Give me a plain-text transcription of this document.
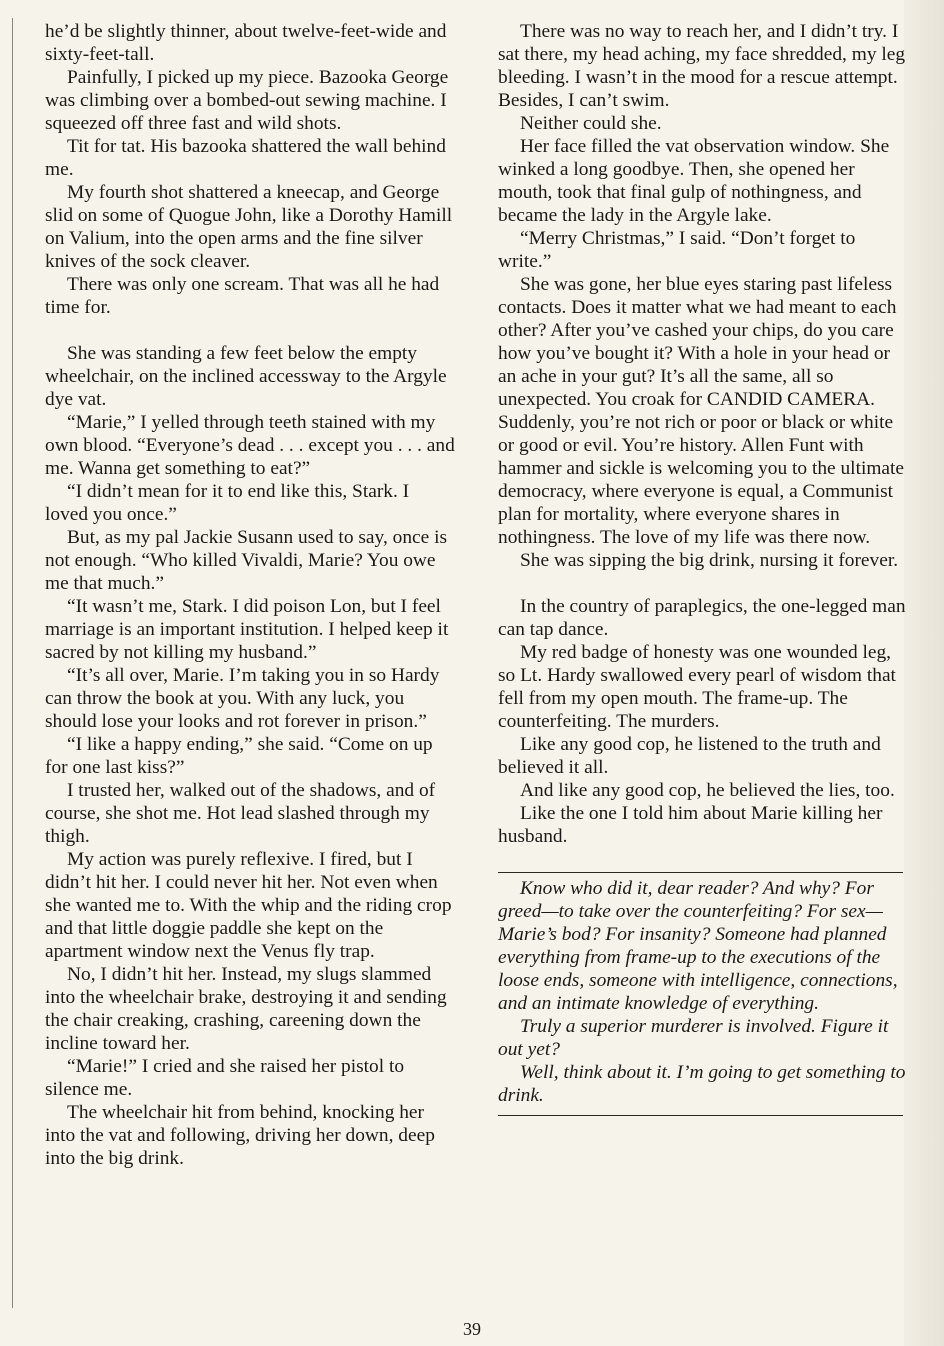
he’d be slightly thinner, about twelve-feet-wide and sixty-feet-tall.

Painfully, I picked up my piece. Bazooka George was climbing over a bombed-out sewing machine. I squeezed off three fast and wild shots.

Tit for tat. His bazooka shattered the wall behind me.

My fourth shot shattered a kneecap, and George slid on some of Quogue John, like a Dorothy Hamill on Valium, into the open arms and the fine silver knives of the sock cleaver.

There was only one scream. That was all he had time for.

She was standing a few feet below the empty wheelchair, on the inclined accessway to the Argyle dye vat.

“Marie,” I yelled through teeth stained with my own blood. “Everyone’s dead . . . except you . . . and me. Wanna get something to eat?”

“I didn’t mean for it to end like this, Stark. I loved you once.”

But, as my pal Jackie Susann used to say, once is not enough. “Who killed Vivaldi, Marie? You owe me that much.”

“It wasn’t me, Stark. I did poison Lon, but I feel marriage is an important institution. I helped keep it sacred by not killing my husband.”

“It’s all over, Marie. I’m taking you in so Hardy can throw the book at you. With any luck, you should lose your looks and rot forever in prison.”

“I like a happy ending,” she said. “Come on up for one last kiss?”

I trusted her, walked out of the shadows, and of course, she shot me. Hot lead slashed through my thigh.

My action was purely reflexive. I fired, but I didn’t hit her. I could never hit her. Not even when she wanted me to. With the whip and the riding crop and that little doggie paddle she kept on the apartment window next the Venus fly trap.

No, I didn’t hit her. Instead, my slugs slammed into the wheelchair brake, destroying it and sending the chair creaking, crashing, careening down the incline toward her.

“Marie!” I cried and she raised her pistol to silence me.

The wheelchair hit from behind, knocking her into the vat and following, driving her down, deep into the big drink.

There was no way to reach her, and I didn’t try. I sat there, my head aching, my face shredded, my leg bleeding. I wasn’t in the mood for a rescue attempt. Besides, I can’t swim.

Neither could she.

Her face filled the vat observation window. She winked a long goodbye. Then, she opened her mouth, took that final gulp of nothingness, and became the lady in the Argyle lake.

“Merry Christmas,” I said. “Don’t forget to write.”

She was gone, her blue eyes staring past lifeless contacts. Does it matter what we had meant to each other? After you’ve cashed your chips, do you care how you’ve bought it? With a hole in your head or an ache in your gut? It’s all the same, all so unexpected. You croak for CANDID CAMERA. Suddenly, you’re not rich or poor or black or white or good or evil. You’re history. Allen Funt with hammer and sickle is welcoming you to the ultimate democracy, where everyone is equal, a Communist plan for mortality, where everyone shares in nothingness. The love of my life was there now.

She was sipping the big drink, nursing it forever.

In the country of paraplegics, the one-legged man can tap dance.

My red badge of honesty was one wounded leg, so Lt. Hardy swallowed every pearl of wisdom that fell from my open mouth. The frame-up. The counterfeiting. The murders.

Like any good cop, he listened to the truth and believed it all.

And like any good cop, he believed the lies, too.

Like the one I told him about Marie killing her husband.

Know who did it, dear reader? And why? For greed—to take over the counterfeiting? For sex—Marie’s bod? For insanity? Someone had planned everything from frame-up to the executions of the loose ends, someone with intelligence, connections, and an intimate knowledge of everything.

Truly a superior murderer is involved. Figure it out yet?

Well, think about it. I’m going to get something to drink.

39
